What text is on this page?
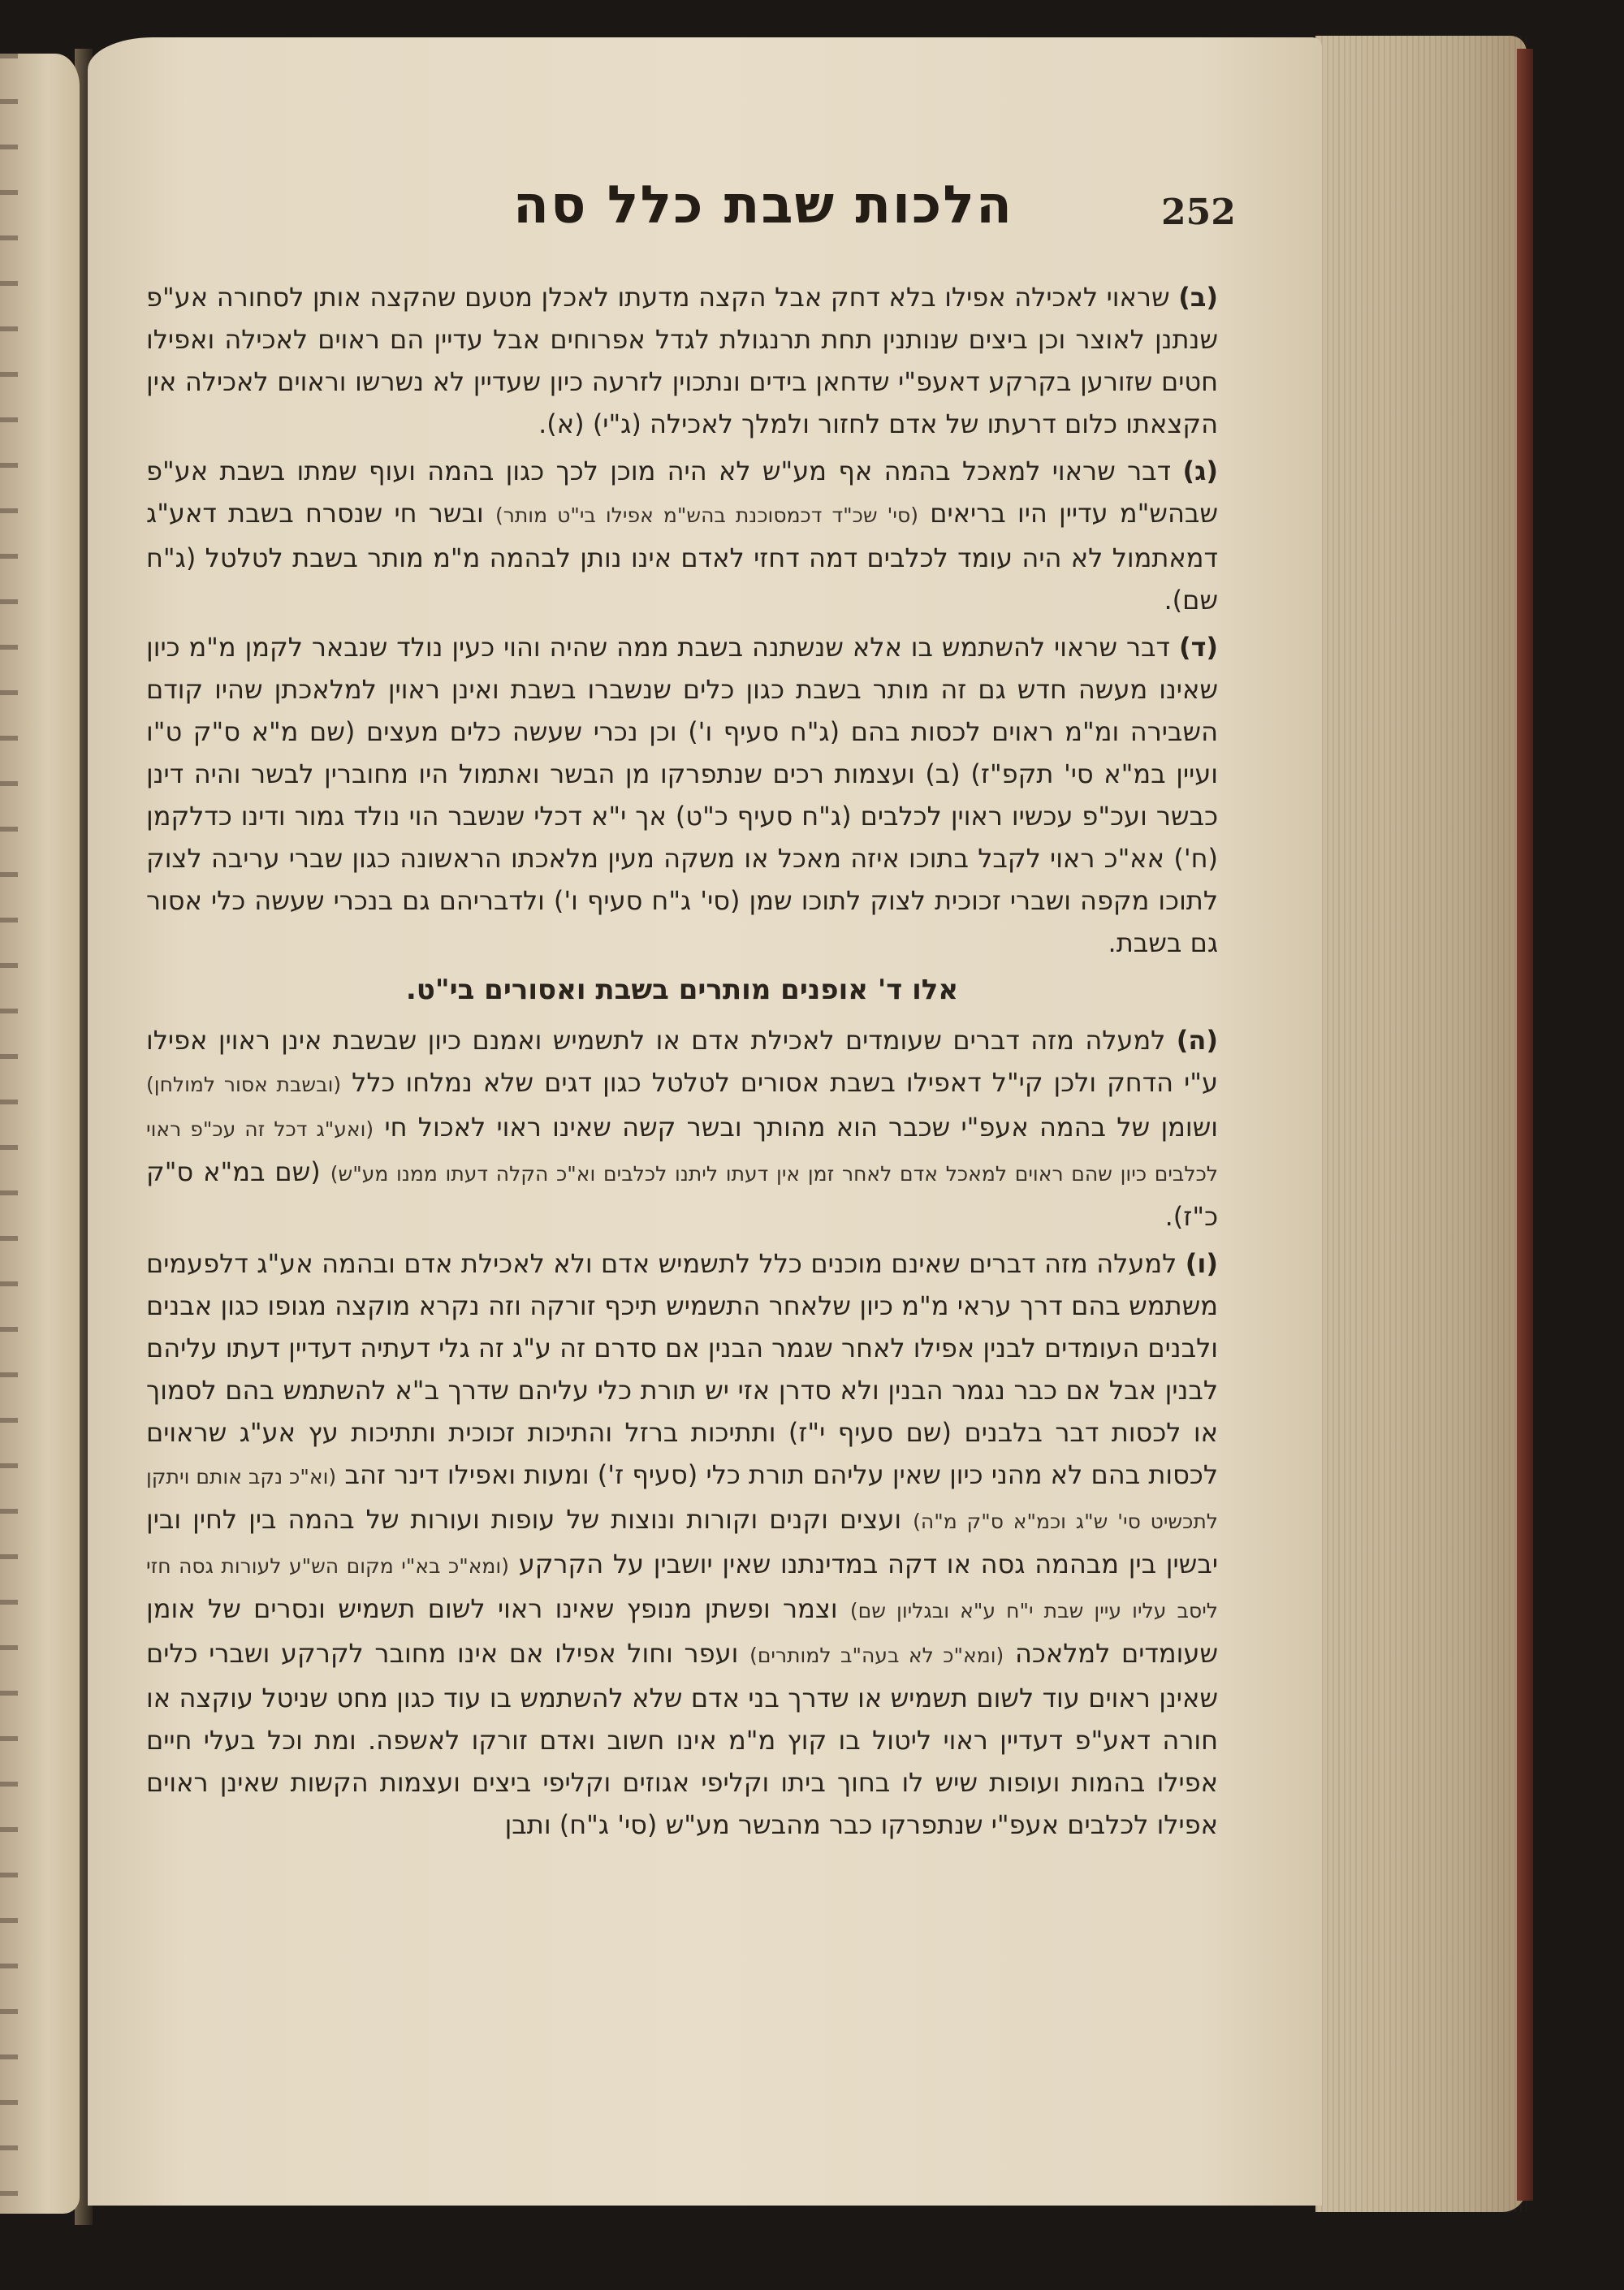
הלכות שבת כלל סה	252

(ב) שראוי לאכילה אפילו בלא דחק אבל הקצה מדעתו לאכלן מטעם שהקצה אותן לסחורה אע"פ שנתנן לאוצר וכן ביצים שנותנין תחת תרנגולת לגדל אפרוחים אבל עדיין הם ראוים לאכילה ואפילו חטים שזורען בקרקע דאעפ"י שדחאן בידים ונתכוין לזרעה כיון שעדיין לא נשרשו וראוים לאכילה אין הקצאתו כלום דרעתו של אדם לחזור ולמלך לאכילה (ג"י) (א).

(ג) דבר שראוי למאכל בהמה אף מע"ש לא היה מוכן לכך כגון בהמה ועוף שמתו בשבת אע"פ שבהש"מ עדיין היו בריאים (סי' שכ"ד דכמסוכנת בהש"מ אפילו בי"ט מותר) ובשר חי שנסרח בשבת דאע"ג דמאתמול לא היה עומד לכלבים דמה דחזי לאדם אינו נותן לבהמה מ"מ מותר בשבת לטלטל (ג"ח שם).

(ד) דבר שראוי להשתמש בו אלא שנשתנה בשבת ממה שהיה והוי כעין נולד שנבאר לקמן מ"מ כיון שאינו מעשה חדש גם זה מותר בשבת כגון כלים שנשברו בשבת ואינן ראוין למלאכתן שהיו קודם השבירה ומ"מ ראוים לכסות בהם (ג"ח סעיף ו') וכן נכרי שעשה כלים מעצים (שם מ"א ס"ק ט"ו ועיין במ"א סי' תקפ"ז) (ב) ועצמות רכים שנתפרקו מן הבשר ואתמול היו מחוברין לבשר והיה דינן כבשר ועכ"פ עכשיו ראוין לכלבים (ג"ח סעיף כ"ט) אך י"א דכלי שנשבר הוי נולד גמור ודינו כדלקמן (ח') אא"כ ראוי לקבל בתוכו איזה מאכל או משקה מעין מלאכתו הראשונה כגון שברי עריבה לצוק לתוכו מקפה ושברי זכוכית לצוק לתוכו שמן (סי' ג"ח סעיף ו') ולדבריהם גם בנכרי שעשה כלי אסור גם בשבת.

אלו ד' אופנים מותרים בשבת ואסורים בי"ט.

(ה) למעלה מזה דברים שעומדים לאכילת אדם או לתשמיש ואמנם כיון שבשבת אינן ראוין אפילו ע"י הדחק ולכן קי"ל דאפילו בשבת אסורים לטלטל כגון דגים שלא נמלחו כלל (ובשבת אסור למולחן) ושומן של בהמה אעפ"י שכבר הוא מהותך ובשר קשה שאינו ראוי לאכול חי (ואע"ג דכל זה עכ"פ ראוי לכלבים כיון שהם ראוים למאכל אדם לאחר זמן אין דעתו ליתנו לכלבים וא"כ הקלה דעתו ממנו מע"ש) (שם במ"א ס"ק כ"ז).

(ו) למעלה מזה דברים שאינם מוכנים כלל לתשמיש אדם ולא לאכילת אדם ובהמה אע"ג דלפעמים משתמש בהם דרך עראי מ"מ כיון שלאחר התשמיש תיכף זורקה וזה נקרא מוקצה מגופו כגון אבנים ולבנים העומדים לבנין אפילו לאחר שגמר הבנין אם סדרם זה ע"ג זה גלי דעתיה דעדיין דעתו עליהם לבנין אבל אם כבר נגמר הבנין ולא סדרן אזי יש תורת כלי עליהם שדרך ב"א להשתמש בהם לסמוך או לכסות דבר בלבנים (שם סעיף י"ז) ותתיכות ברזל והתיכות זכוכית ותתיכות עץ אע"ג שראוים לכסות בהם לא מהני כיון שאין עליהם תורת כלי (סעיף ז') ומעות ואפילו דינר זהב (וא"כ נקב אותם ויתקן לתכשיט סי' ש"ג וכמ"א ס"ק מ"ה) ועצים וקנים וקורות ונוצות של עופות ועורות של בהמה בין לחין ובין יבשין בין מבהמה גסה או דקה במדינתנו שאין יושבין על הקרקע (ומא"כ בא"י מקום הש"ע לעורות גסה חזי ליסב עליו עיין שבת י"ח ע"א ובגליון שם) וצמר ופשתן מנופץ שאינו ראוי לשום תשמיש ונסרים של אומן שעומדים למלאכה (ומא"כ לא בעה"ב למותרים) ועפר וחול אפילו אם אינו מחובר לקרקע ושברי כלים שאינן ראוים עוד לשום תשמיש או שדרך בני אדם שלא להשתמש בו עוד כגון מחט שניטל עוקצה או חורה דאע"פ דעדיין ראוי ליטול בו קוץ מ"מ אינו חשוב ואדם זורקו לאשפה. ומת וכל בעלי חיים אפילו בהמות ועופות שיש לו בחוך ביתו וקליפי אגוזים וקליפי ביצים ועצמות הקשות שאינן ראוים אפילו לכלבים אעפ"י שנתפרקו כבר מהבשר מע"ש (סי' ג"ח) ותבן
